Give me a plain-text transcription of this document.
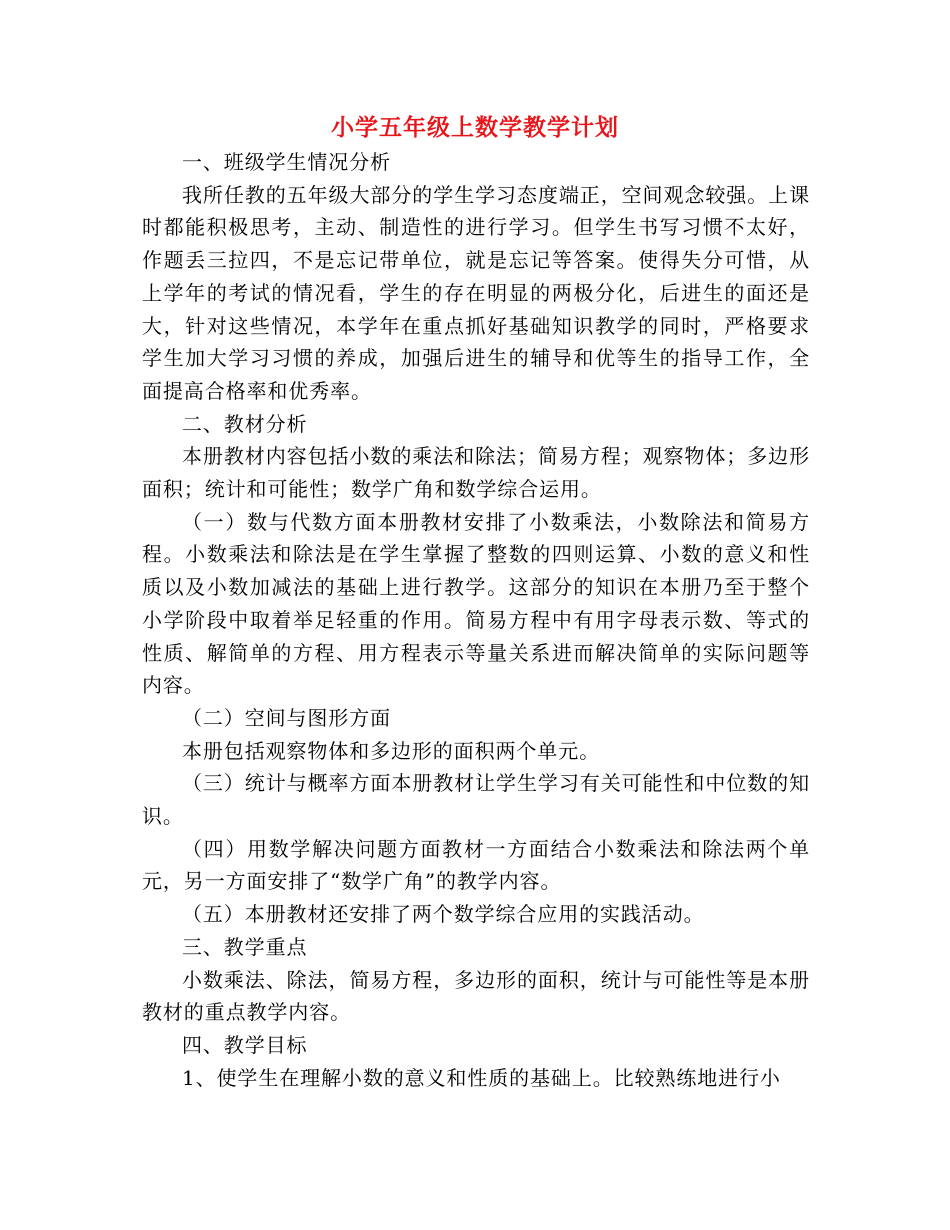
小学五年级上数学教学计划

一、班级学生情况分析

我所任教的五年级大部分的学生学习态度端正，空间观念较强。上课时都能积极思考，主动、制造性的进行学习。但学生书写习惯不太好，作题丢三拉四，不是忘记带单位，就是忘记等答案。使得失分可惜，从上学年的考试的情况看，学生的存在明显的两极分化，后进生的面还是大，针对这些情况，本学年在重点抓好基础知识教学的同时，严格要求学生加大学习习惯的养成，加强后进生的辅导和优等生的指导工作，全面提高合格率和优秀率。

二、教材分析

本册教材内容包括小数的乘法和除法；简易方程；观察物体；多边形面积；统计和可能性；数学广角和数学综合运用。

（一）数与代数方面本册教材安排了小数乘法，小数除法和简易方程。小数乘法和除法是在学生掌握了整数的四则运算、小数的意义和性质以及小数加减法的基础上进行教学。这部分的知识在本册乃至于整个小学阶段中取着举足轻重的作用。简易方程中有用字母表示数、等式的性质、解简单的方程、用方程表示等量关系进而解决简单的实际问题等内容。

（二）空间与图形方面

本册包括观察物体和多边形的面积两个单元。

（三）统计与概率方面本册教材让学生学习有关可能性和中位数的知识。

（四）用数学解决问题方面教材一方面结合小数乘法和除法两个单元，另一方面安排了“数学广角”的教学内容。

（五）本册教材还安排了两个数学综合应用的实践活动。

三、教学重点

小数乘法、除法，简易方程，多边形的面积，统计与可能性等是本册教材的重点教学内容。

四、教学目标

1、使学生在理解小数的意义和性质的基础上。比较熟练地进行小
